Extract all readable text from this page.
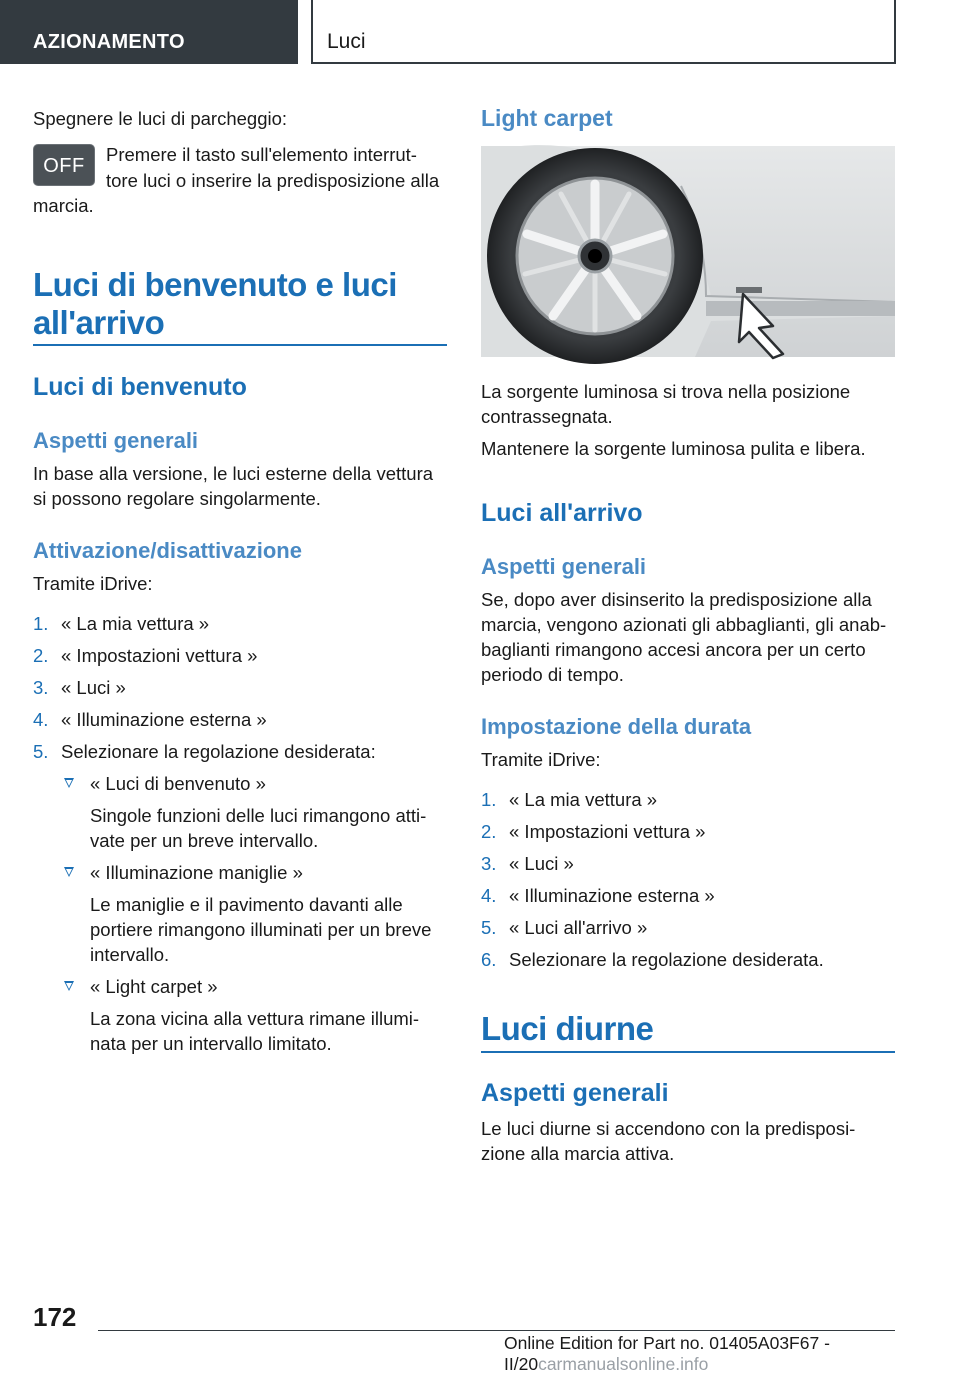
AZIONAMENTO	Luci
Spegnere le luci di parcheggio:
OFF
Premere il tasto sull'elemento interrut-
tore luci o inserire la predisposizione alla
marcia.
Luci di benvenuto e luci
all'arrivo
Luci di benvenuto
Aspetti generali
In base alla versione, le luci esterne della vettura
si possono regolare singolarmente.
Attivazione/disattivazione
Tramite iDrive:
1. « La mia vettura »
2. « Impostazioni vettura »
3. « Luci »
4. « Illuminazione esterna »
5. Selezionare la regolazione desiderata:
« Luci di benvenuto »
Singole funzioni delle luci rimangono atti-
vate per un breve intervallo.
« Illuminazione maniglie »
Le maniglie e il pavimento davanti alle
portiere rimangono illuminati per un breve
intervallo.
« Light carpet »
La zona vicina alla vettura rimane illumi-
nata per un intervallo limitato.
Light carpet
La sorgente luminosa si trova nella posizione
contrassegnata.
Mantenere la sorgente luminosa pulita e libera.
Luci all'arrivo
Aspetti generali
Se, dopo aver disinserito la predisposizione alla
marcia, vengono azionati gli abbaglianti, gli anab-
baglianti rimangono accesi ancora per un certo
periodo di tempo.
Impostazione della durata
Tramite iDrive:
1. « La mia vettura »
2. « Impostazioni vettura »
3. « Luci »
4. « Illuminazione esterna »
5. « Luci all'arrivo »
6. Selezionare la regolazione desiderata.
Luci diurne
Aspetti generali
Le luci diurne si accendono con la predisposi-
zione alla marcia attiva.
172
Online Edition for Part no. 01405A03F67 - II/20carmanualsonline.info
